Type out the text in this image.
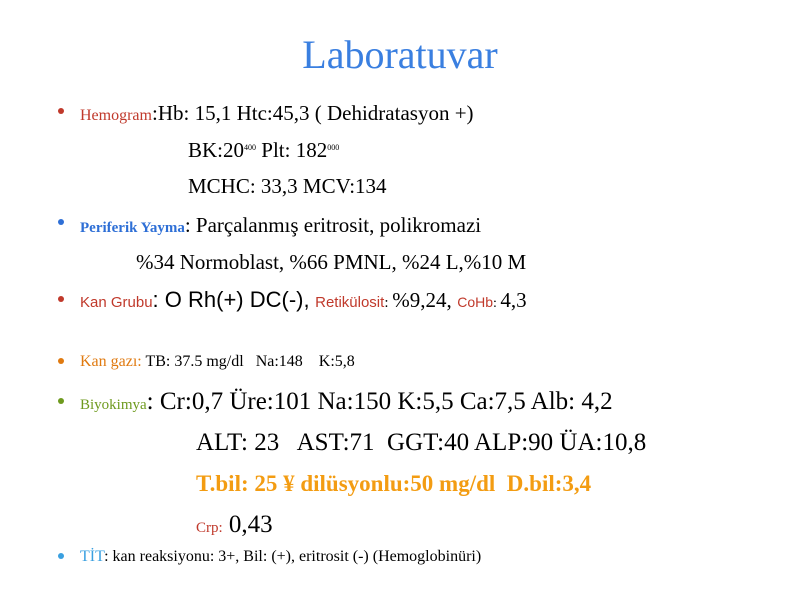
Laboratuvar
Hemogram:Hb: 15,1 Htc:45,3 ( Dehidratasyon +)
$BK:20^{400}$ Plt: $182^{000}$
MCHC: 33,3 MCV:134
Periferik Yayma: Parçalanmış eritrosit, polikromazi
%34 Normoblast, %66 PMNL, %24 L,%10 M
Kan Grubu: O Rh(+) DC(-), Retikülosit: %9,24, CoHb: 4,3
Kan gazı: TB: 37.5 mg/dl   Na:148    K:5,8
Biyokimya: Cr:0,7 Üre:101 Na:150 K:5,5 Ca:7,5 Alb: 4,2
ALT: 23   AST:71  GGT:40 ALP:90 ÜA:10,8
T.bil: 25 ¥ dilüsyonlu:50 mg/dl  D.bil:3,4
Crp: 0,43
TİT: kan reaksiyonu: 3+, Bil: (+), eritrosit (-) (Hemoglobinüri)
